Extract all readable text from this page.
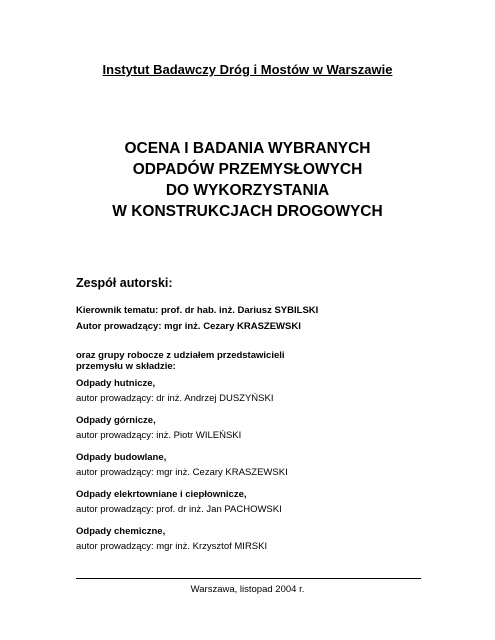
Instytut Badawczy Dróg i Mostów w Warszawie
OCENA I BADANIA WYBRANYCH
ODPADÓW PRZEMYSŁOWYCH
DO WYKORZYSTANIA
W KONSTRUKCJACH DROGOWYCH
Zespół autorski:
Kierownik tematu: prof. dr hab. inż. Dariusz SYBILSKI
Autor prowadzący: mgr inż. Cezary KRASZEWSKI
oraz grupy robocze z udziałem przedstawicieli przemysłu w składzie:
Odpady hutnicze,
autor prowadzący: dr inż. Andrzej DUSZYŃSKI
Odpady górnicze,
autor prowadzący: inż. Piotr WILEŃSKI
Odpady budowlane,
autor prowadzący: mgr inż. Cezary KRASZEWSKI
Odpady elekrtowniane i ciepłownicze,
autor prowadzący: prof. dr inż. Jan PACHOWSKI
Odpady chemiczne,
autor prowadzący: mgr inż. Krzysztof MIRSKI
Warszawa, listopad 2004 r.
